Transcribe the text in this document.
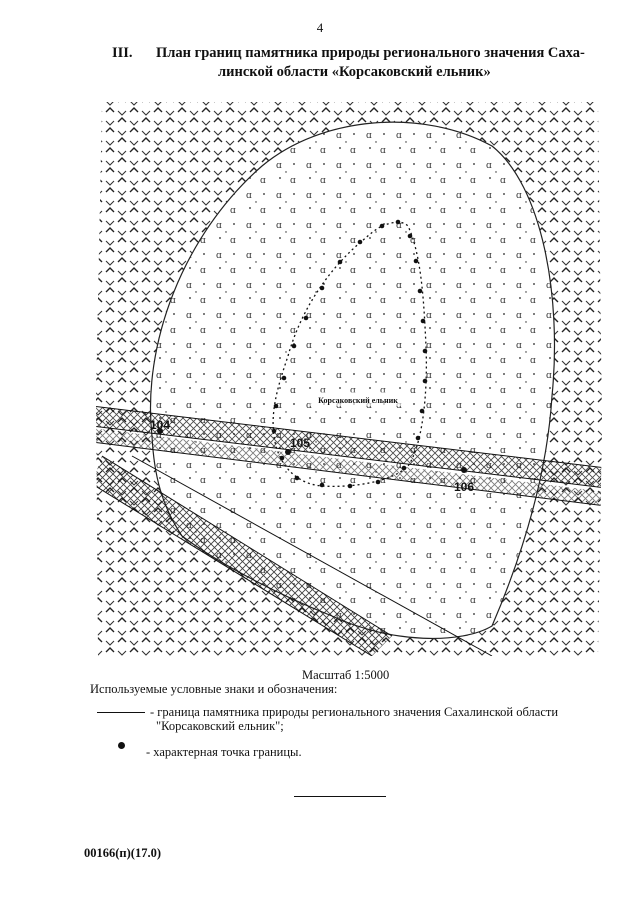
4
III. План границ памятника природы регионального значения Саха-
линской области «Корсаковский ельник»
Корсаковский ельник
104
105
106
Масштаб 1:5000
Используемые условные знаки и обозначения:
- граница памятника природы регионального значения Сахалинской области
"Корсаковский ельник";
- характерная точка границы.
00166(п)(17.0)
